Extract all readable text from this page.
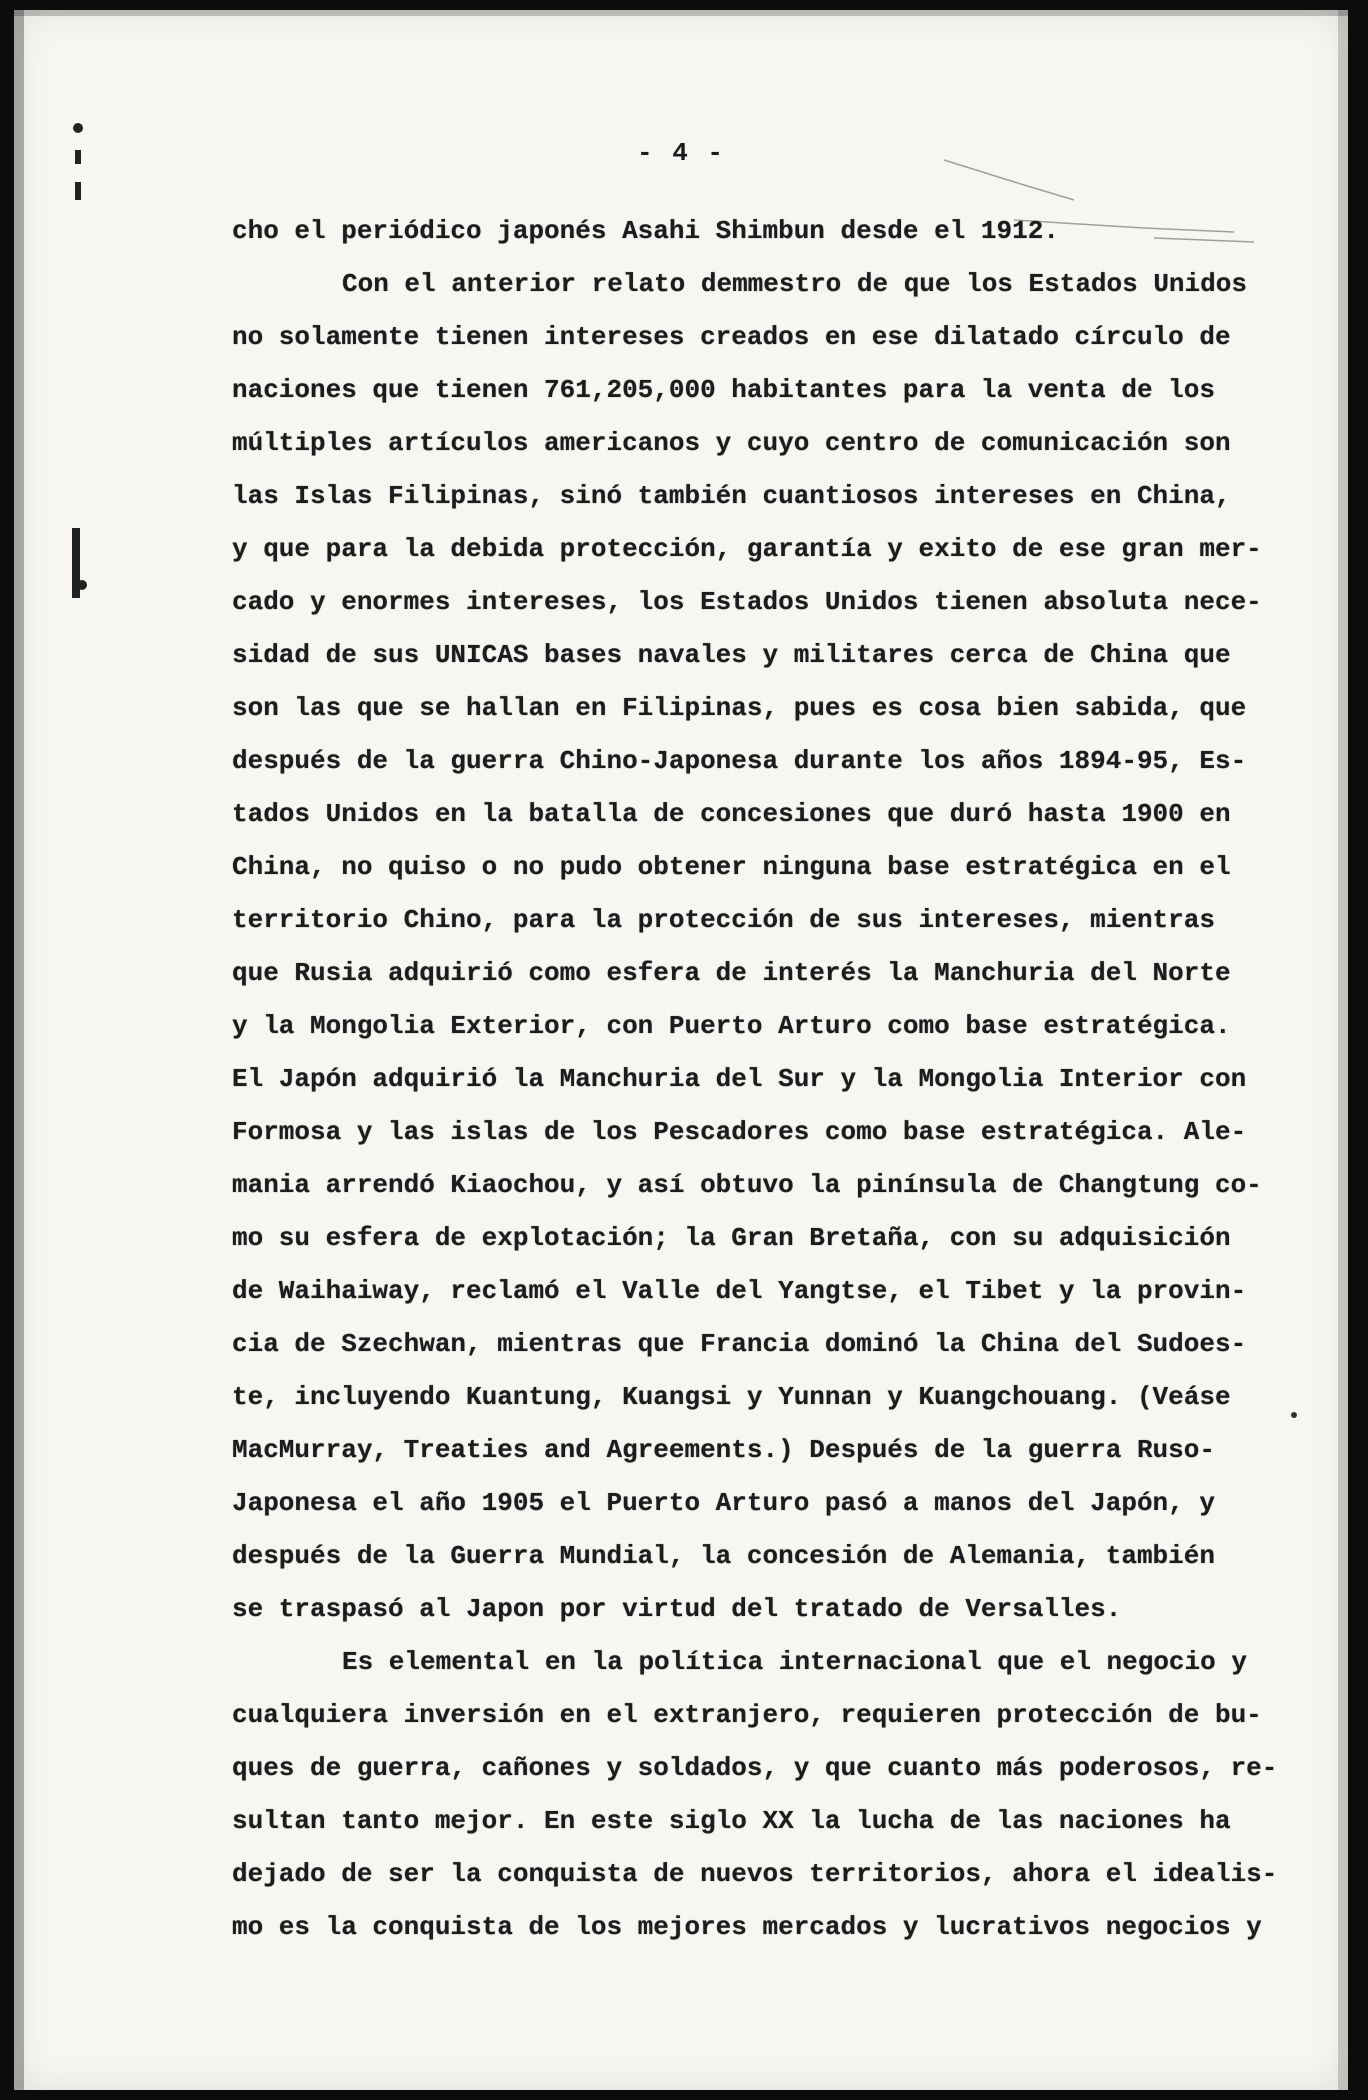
- 4 -
cho el periódico japonés Asahi Shimbun desde el 1912.
Con el anterior relato demmestro de que los Estados Unidos
no solamente tienen intereses creados en ese dilatado círculo de
naciones que tienen 761,205,000 habitantes para la venta de los
múltiples artículos americanos y cuyo centro de comunicación son
las Islas Filipinas, sinó también cuantiosos intereses en China,
y que para la debida protección, garantía y exito de ese gran mer-
cado y enormes intereses, los Estados Unidos tienen absoluta nece-
sidad de sus UNICAS bases navales y militares cerca de China que
son las que se hallan en Filipinas, pues es cosa bien sabida, que
después de la guerra Chino-Japonesa durante los años 1894-95, Es-
tados Unidos en la batalla de concesiones que duró hasta 1900 en
China, no quiso o no pudo obtener ninguna base estratégica en el
territorio Chino, para la protección de sus intereses, mientras
que Rusia adquirió como esfera de interés la Manchuria del Norte
y la Mongolia Exterior, con Puerto Arturo como base estratégica.
El Japón adquirió la Manchuria del Sur y la Mongolia Interior con
Formosa y las islas de los Pescadores como base estratégica. Ale-
mania arrendó Kiaochou, y así obtuvo la pinínsula de Changtung co-
mo su esfera de explotación; la Gran Bretaña, con su adquisición
de Waihaiway, reclamó el Valle del Yangtse, el Tibet y la provin-
cia de Szechwan, mientras que Francia dominó la China del Sudoes-
te, incluyendo Kuantung, Kuangsi y Yunnan y Kuangchouang. (Veáse
MacMurray, Treaties and Agreements.) Después de la guerra Ruso-
Japonesa el año 1905 el Puerto Arturo pasó a manos del Japón, y
después de la Guerra Mundial, la concesión de Alemania, también
se traspasó al Japon por virtud del tratado de Versalles.
Es elemental en la política internacional que el negocio y
cualquiera inversión en el extranjero, requieren protección de bu-
ques de guerra, cañones y soldados, y que cuanto más poderosos, re-
sultan tanto mejor. En este siglo XX la lucha de las naciones ha
dejado de ser la conquista de nuevos territorios, ahora el idealis-
mo es la conquista de los mejores mercados y lucrativos negocios y
